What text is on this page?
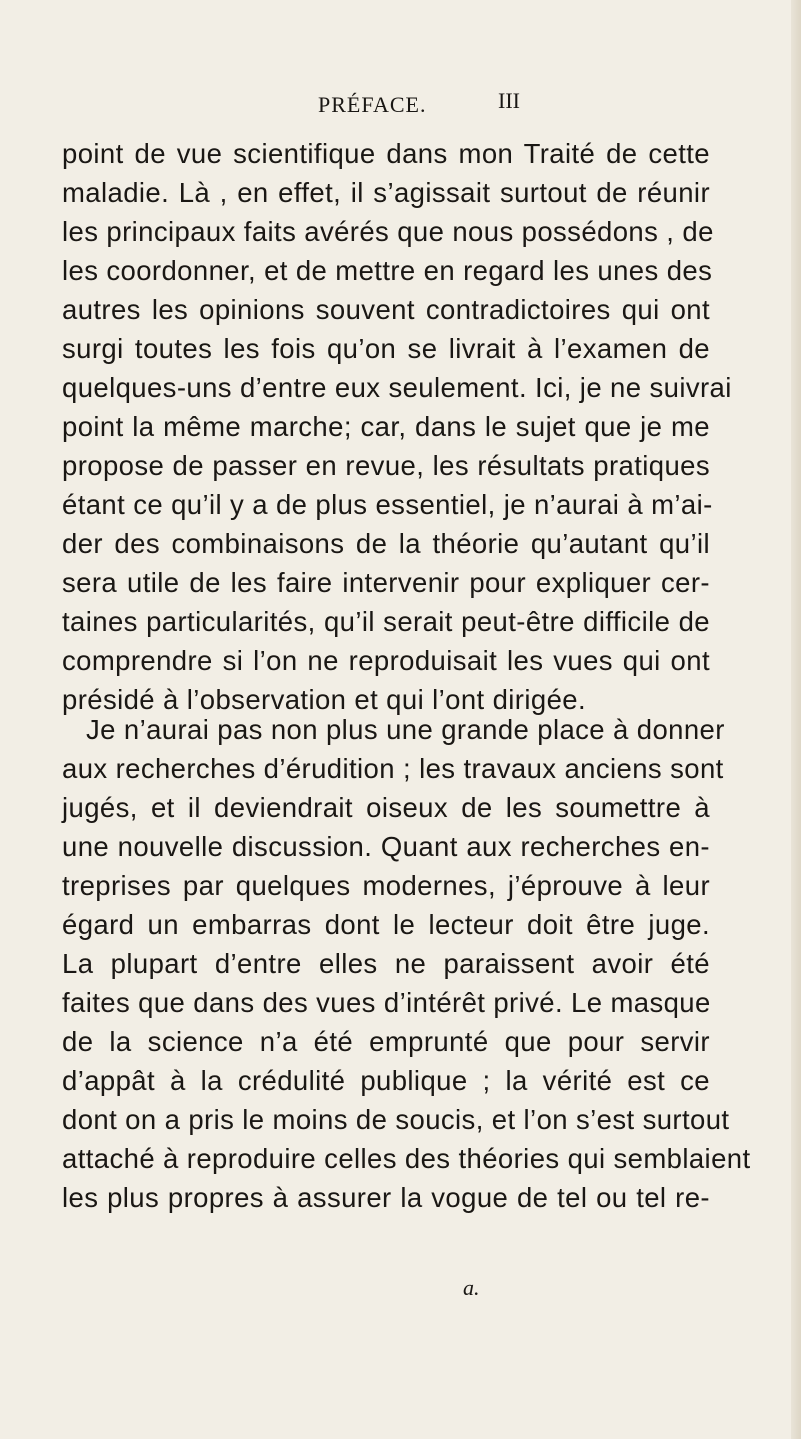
PRÉFACE.	III
point de vue scientifique dans mon Traité de cette
maladie. Là , en effet, il s’agissait surtout de réunir
les principaux faits avérés que nous possédons , de
les coordonner, et de mettre en regard les unes des
autres les opinions souvent contradictoires qui ont
surgi toutes les fois qu’on se livrait à l’examen de
quelques-uns d’entre eux seulement. Ici, je ne suivrai
point la même marche; car, dans le sujet que je me
propose de passer en revue, les résultats pratiques
étant ce qu’il y a de plus essentiel, je n’aurai à m’ai-
der des combinaisons de la théorie qu’autant qu’il
sera utile de les faire intervenir pour expliquer cer-
taines particularités, qu’il serait peut-être difficile de
comprendre si l’on ne reproduisait les vues qui ont
présidé à l’observation et qui l’ont dirigée.
Je n’aurai pas non plus une grande place à donner
aux recherches d’érudition ; les travaux anciens sont
jugés, et il deviendrait oiseux de les soumettre à
une nouvelle discussion. Quant aux recherches en-
treprises par quelques modernes, j’éprouve à leur
égard un embarras dont le lecteur doit être juge.
La plupart d’entre elles ne paraissent avoir été
faites que dans des vues d’intérêt privé. Le masque
de la science n’a été emprunté que pour servir
d’appât à la crédulité publique ; la vérité est ce
dont on a pris le moins de soucis, et l’on s’est surtout
attaché à reproduire celles des théories qui semblaient
les plus propres à assurer la vogue de tel ou tel re-
a.
